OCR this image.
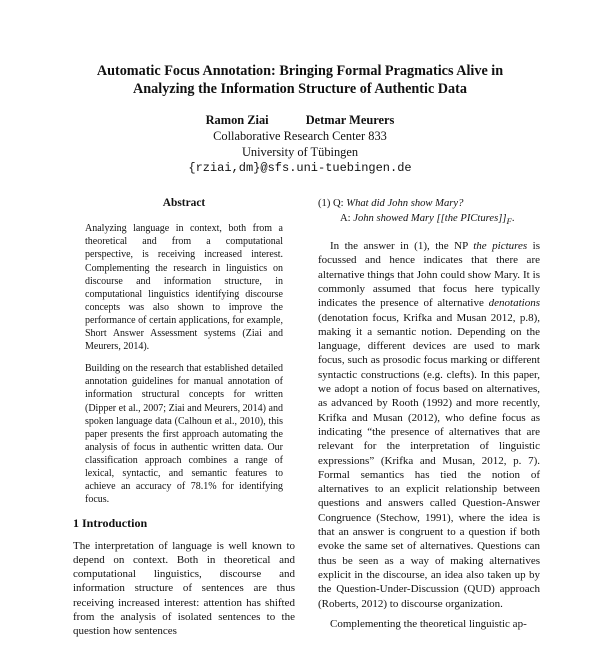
Automatic Focus Annotation: Bringing Formal Pragmatics Alive in
Analyzing the Information Structure of Authentic Data
Ramon Ziai	Detmar Meurers
Collaborative Research Center 833
University of Tübingen
{rziai,dm}@sfs.uni-tuebingen.de
Abstract

Analyzing language in context, both from a theoretical and from a computational perspective, is receiving increased interest. Complementing the research in linguistics on discourse and information structure, in computational linguistics identifying discourse concepts was also shown to improve the performance of certain applications, for example, Short Answer Assessment systems (Ziai and Meurers, 2014).

Building on the research that established detailed annotation guidelines for manual annotation of information structural concepts for written (Dipper et al., 2007; Ziai and Meurers, 2014) and spoken language data (Calhoun et al., 2010), this paper presents the first approach automating the analysis of focus in authentic written data. Our classification approach combines a range of lexical, syntactic, and semantic features to achieve an accuracy of 78.1% for identifying focus.

1 Introduction

The interpretation of language is well known to depend on context. Both in theoretical and computational linguistics, discourse and information structure of sentences are thus receiving increased interest: attention has shifted from the analysis of isolated sentences to the question how sentences

(1) Q: What did John show Mary?
A: John showed Mary [[the $PICtures]]_F$.

In the answer in (1), the NP the pictures is focussed and hence indicates that there are alternative things that John could show Mary. It is commonly assumed that focus here typically indicates the presence of alternative denotations (denotation focus, Krifka and Musan 2012, p.8), making it a semantic notion. Depending on the language, different devices are used to mark focus, such as prosodic focus marking or different syntactic constructions (e.g. clefts). In this paper, we adopt a notion of focus based on alternatives, as advanced by Rooth (1992) and more recently, Krifka and Musan (2012), who define focus as indicating “the presence of alternatives that are relevant for the interpretation of linguistic expressions” (Krifka and Musan, 2012, p. 7). Formal semantics has tied the notion of alternatives to an explicit relationship between questions and answers called Question-Answer Congruence (Stechow, 1991), where the idea is that an answer is congruent to a question if both evoke the same set of alternatives. Questions can thus be seen as a way of making alternatives explicit in the discourse, an idea also taken up by the Question-Under-Discussion (QUD) approach (Roberts, 2012) to discourse organization.

Complementing the theoretical linguistic ap-
